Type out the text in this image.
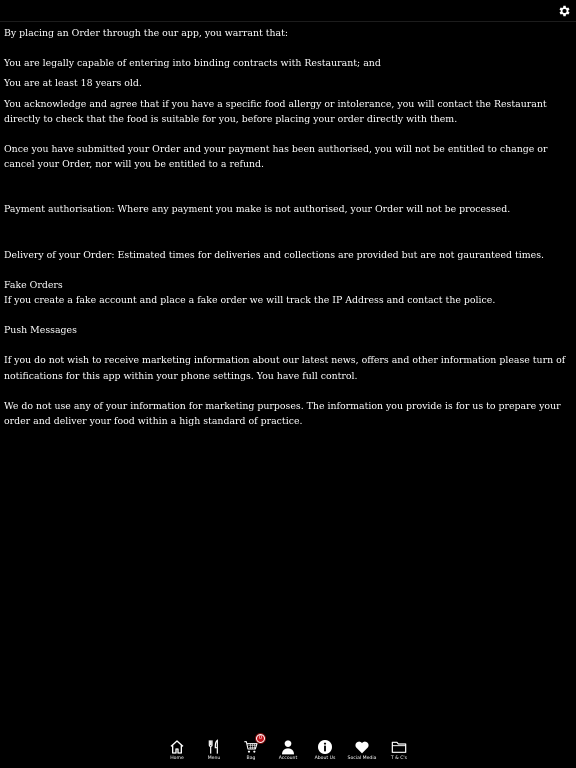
By placing an Order through the our app, you warrant that:

You are legally capable of entering into binding contracts with Restaurant; and

You are at least 18 years old.

You acknowledge and agree that if you have a specific food allergy or intolerance, you will contact the Restaurant directly to check that the food is suitable for you, before placing your order directly with them.

Once you have submitted your Order and your payment has been authorised, you will not be entitled to change or cancel your Order, nor will you be entitled to a refund.

Payment authorisation: Where any payment you make is not authorised, your Order will not be processed.

Delivery of your Order: Estimated times for deliveries and collections are provided but are not gauranteed times.

Fake Orders

If you create a fake account and place a fake order we will track the IP Address and contact the police.

Push Messages

If you do not wish to receive marketing information about our latest news, offers and other information please turn of notifications for this app within your phone settings. You have full control.

We do not use any of your information for marketing purposes. The information you provide is for us to prepare your order and deliver your food within a high standard of practice.

Home	Menu
0
Bag	Account	About Us	Social Media	T & C's
